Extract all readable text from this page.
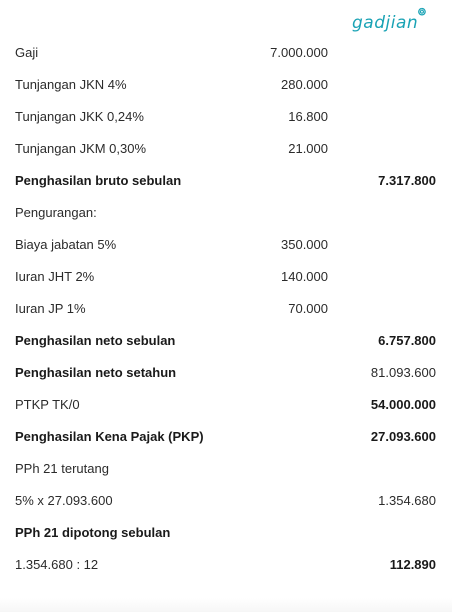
gadjian
Gaji	7.000.000
Tunjangan JKN 4%	280.000
Tunjangan JKK 0,24%	16.800
Tunjangan JKM 0,30%	21.000
Penghasilan bruto sebulan	7.317.800
Pengurangan:
Biaya jabatan 5%	350.000
Iuran JHT 2%	140.000
Iuran JP 1%	70.000
Penghasilan neto sebulan	6.757.800
Penghasilan neto setahun	81.093.600
PTKP TK/0	54.000.000
Penghasilan Kena Pajak (PKP)	27.093.600
PPh 21 terutang
5% x 27.093.600	1.354.680
PPh 21 dipotong sebulan
1.354.680 : 12	112.890
